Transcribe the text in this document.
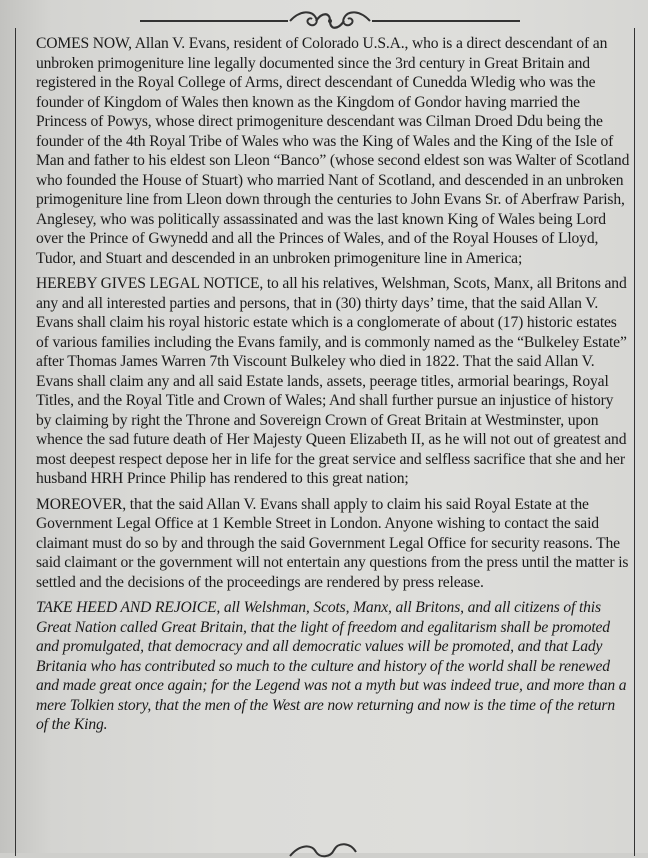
COMES NOW, Allan V. Evans, resident of Colorado U.S.A., who is a direct descendant of an unbroken primogeniture line legally documented since the 3rd century in Great Britain and registered in the Royal College of Arms, direct descendant of Cunedda Wledig who was the founder of Kingdom of Wales then known as the Kingdom of Gondor having married the Princess of Powys, whose direct primogeniture descendant was Cilman Droed Ddu being the founder of the 4th Royal Tribe of Wales who was the King of Wales and the King of the Isle of Man and father to his eldest son Lleon “Banco” (whose second eldest son was Walter of Scotland who founded the House of Stuart) who married Nant of Scotland, and descended in an unbroken primogeniture line from Lleon down through the centuries to John Evans Sr. of Aberfraw Parish, Anglesey, who was politically assassinated and was the last known King of Wales being Lord over the Prince of Gwynedd and all the Princes of Wales, and of the Royal Houses of Lloyd, Tudor, and Stuart and descended in an unbroken primogeniture line in America;

HEREBY GIVES LEGAL NOTICE, to all his relatives, Welshman, Scots, Manx, all Britons and any and all interested parties and persons, that in (30) thirty days’ time, that the said Allan V. Evans shall claim his royal historic estate which is a conglomerate of about (17) historic estates of various families including the Evans family, and is commonly named as the “Bulkeley Estate” after Thomas James Warren 7th Viscount Bulkeley who died in 1822. That the said Allan V. Evans shall claim any and all said Estate lands, assets, peerage titles, armorial bearings, Royal Titles, and the Royal Title and Crown of Wales; And shall further pursue an injustice of history by claiming by right the Throne and Sovereign Crown of Great Britain at Westminster, upon whence the sad future death of Her Majesty Queen Elizabeth II, as he will not out of greatest and most deepest respect depose her in life for the great service and selfless sacrifice that she and her husband HRH Prince Philip has rendered to this great nation;

MOREOVER, that the said Allan V. Evans shall apply to claim his said Royal Estate at the Government Legal Office at 1 Kemble Street in London. Anyone wishing to contact the said claimant must do so by and through the said Government Legal Office for security reasons. The said claimant or the government will not entertain any questions from the press until the matter is settled and the decisions of the proceedings are rendered by press release.

TAKE HEED AND REJOICE, all Welshman, Scots, Manx, all Britons, and all citizens of this Great Nation called Great Britain, that the light of freedom and egalitarism shall be promoted and promulgated, that democracy and all democratic values will be promoted, and that Lady Britania who has contributed so much to the culture and history of the world shall be renewed and made great once again; for the Legend was not a myth but was indeed true, and more than a mere Tolkien story, that the men of the West are now returning and now is the time of the return of the King.
